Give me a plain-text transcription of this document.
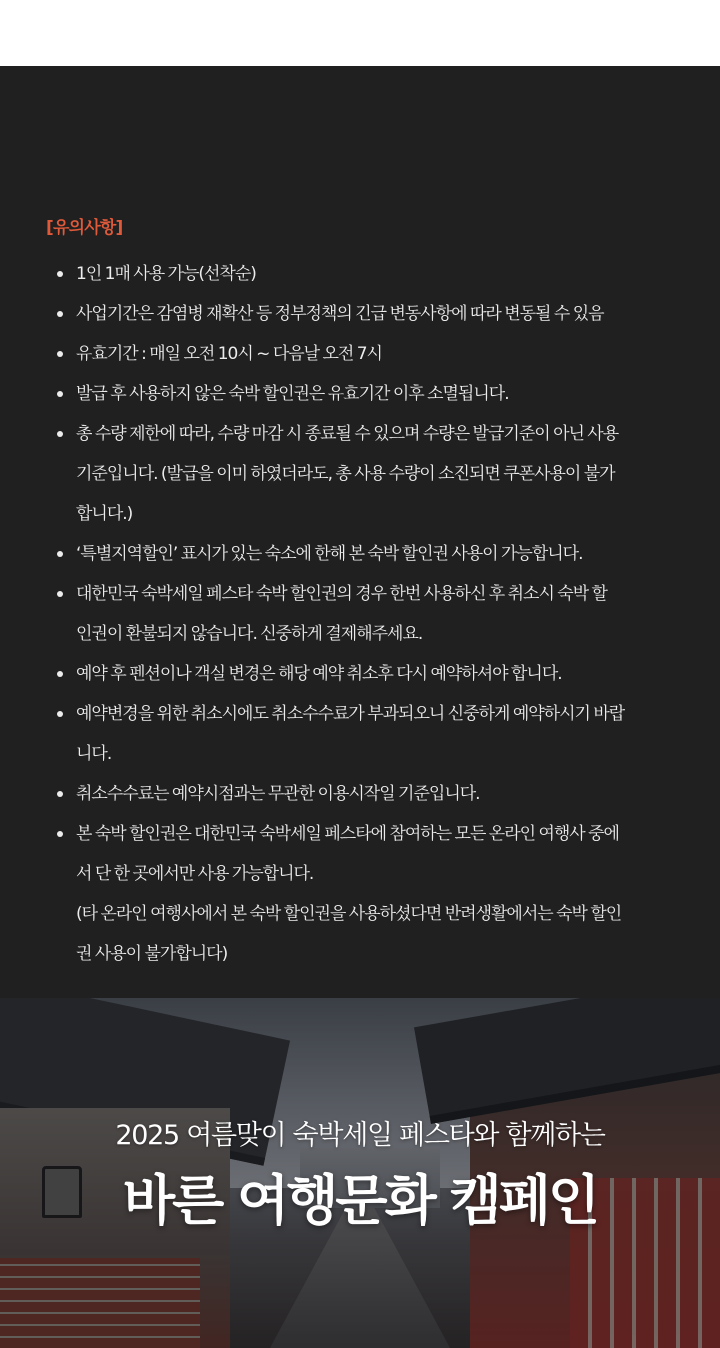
[유의사항]
1인 1매 사용 가능(선착순)
사업기간은 감염병 재확산 등 정부정책의 긴급 변동사항에 따라 변동될 수 있음
유효기간 : 매일 오전 10시 ~ 다음날 오전 7시
발급 후 사용하지 않은 숙박 할인권은 유효기간 이후 소멸됩니다.
총 수량 제한에 따라, 수량 마감 시 종료될 수 있으며 수량은 발급기준이 아닌 사용
기준입니다. (발급을 이미 하였더라도, 총 사용 수량이 소진되면 쿠폰사용이 불가
합니다.)
‘특별지역할인’ 표시가 있는 숙소에 한해 본 숙박 할인권 사용이 가능합니다.
대한민국 숙박세일 페스타 숙박 할인권의 경우 한번 사용하신 후 취소시 숙박 할
인권이 환불되지 않습니다. 신중하게 결제해주세요.
예약 후 펜션이나 객실 변경은 해당 예약 취소후 다시 예약하셔야 합니다.
예약변경을 위한 취소시에도 취소수수료가 부과되오니 신중하게 예약하시기 바랍
니다.
취소수수료는 예약시점과는 무관한 이용시작일 기준입니다.
본 숙박 할인권은 대한민국 숙박세일 페스타에 참여하는 모든 온라인 여행사 중에
서 단 한 곳에서만 사용 가능합니다.
(타 온라인 여행사에서 본 숙박 할인권을 사용하셨다면 반려생활에서는 숙박 할인
권 사용이 불가합니다)
2025 여름맞이 숙박세일 페스타와 함께하는
바른 여행문화 캠페인
